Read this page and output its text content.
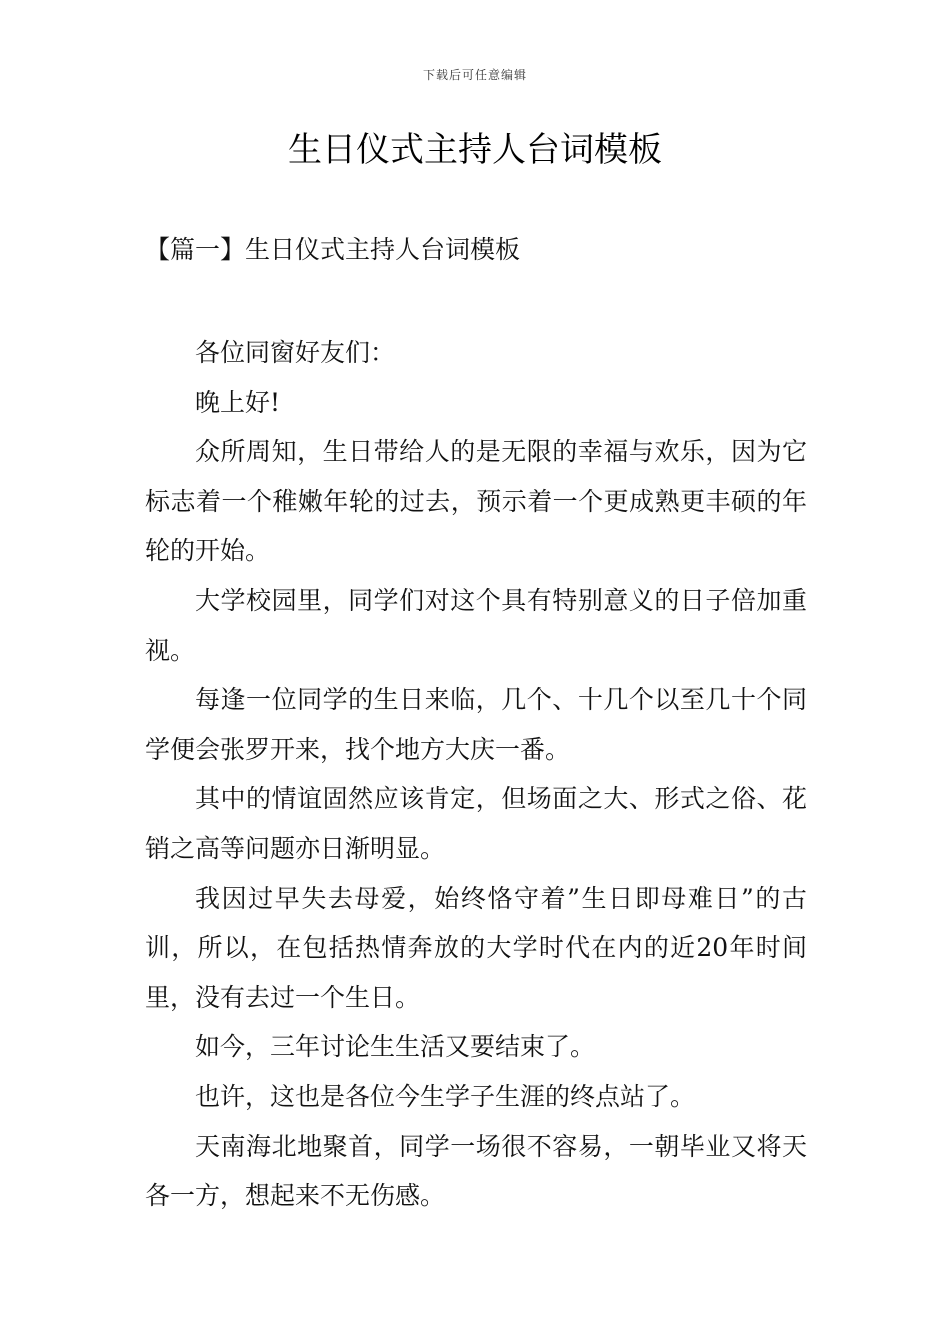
下载后可任意编辑
生日仪式主持人台词模板
【篇一】生日仪式主持人台词模板

各位同窗好友们：

晚上好!

众所周知，生日带给人的是无限的幸福与欢乐，因为它标志着一个稚嫩年轮的过去，预示着一个更成熟更丰硕的年轮的开始。

大学校园里，同学们对这个具有特别意义的日子倍加重视。

每逢一位同学的生日来临，几个、十几个以至几十个同学便会张罗开来，找个地方大庆一番。

其中的情谊固然应该肯定，但场面之大、形式之俗、花销之高等问题亦日渐明显。

我因过早失去母爱，始终恪守着”生日即母难日”的古训，所以，在包括热情奔放的大学时代在内的近20年时间里，没有去过一个生日。

如今，三年讨论生生活又要结束了。

也许，这也是各位今生学子生涯的终点站了。

天南海北地聚首，同学一场很不容易，一朝毕业又将天各一方，想起来不无伤感。
